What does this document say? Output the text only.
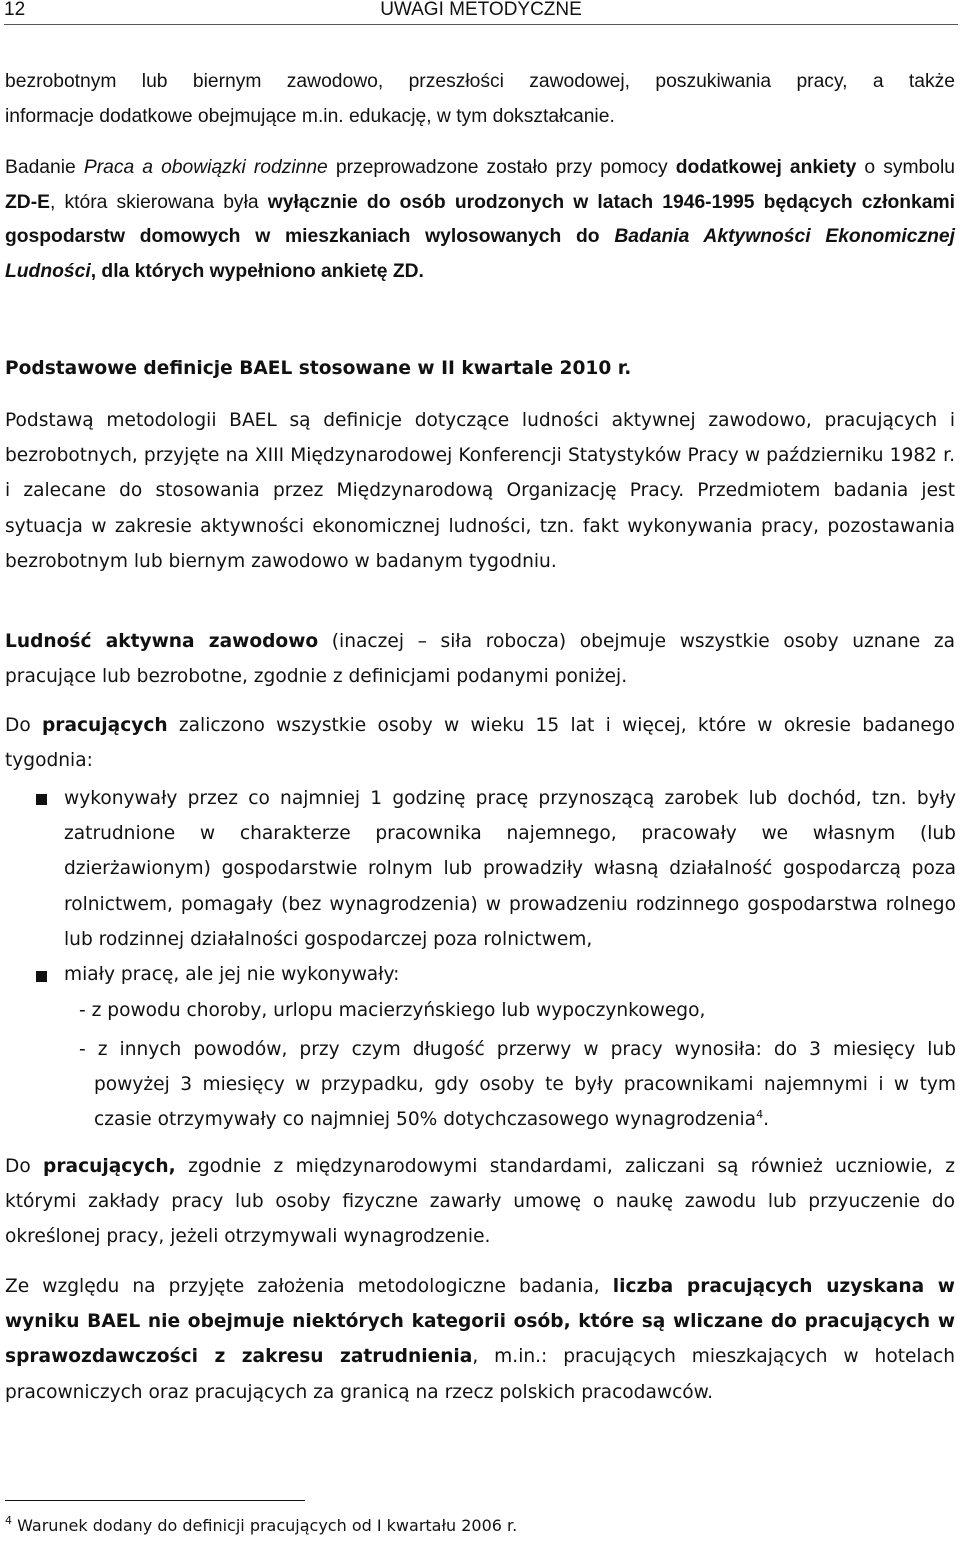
12	UWAGI METODYCZNE
bezrobotnym lub biernym zawodowo, przeszłości zawodowej, poszukiwania pracy, a także
informacje dodatkowe obejmujące m.in. edukację, w tym dokształcanie.

Badanie Praca a obowiązki rodzinne przeprowadzone zostało przy pomocy dodatkowej ankiety o symbolu ZD-E, która skierowana była wyłącznie do osób urodzonych w latach 1946-1995 będących członkami gospodarstw domowych w mieszkaniach wylosowanych do Badania Aktywności Ekonomicznej Ludności, dla których wypełniono ankietę ZD.

Podstawowe definicje BAEL stosowane w II kwartale 2010 r.

Podstawą metodologii BAEL są definicje dotyczące ludności aktywnej zawodowo, pracujących i bezrobotnych, przyjęte na XIII Międzynarodowej Konferencji Statystyków Pracy w październiku 1982 r. i zalecane do stosowania przez Międzynarodową Organizację Pracy. Przedmiotem badania jest sytuacja w zakresie aktywności ekonomicznej ludności, tzn. fakt wykonywania pracy, pozostawania bezrobotnym lub biernym zawodowo w badanym tygodniu.

Ludność aktywna zawodowo (inaczej – siła robocza) obejmuje wszystkie osoby uznane za pracujące lub bezrobotne, zgodnie z definicjami podanymi poniżej.

Do pracujących zaliczono wszystkie osoby w wieku 15 lat i więcej, które w okresie badanego tygodnia:

wykonywały przez co najmniej 1 godzinę pracę przynoszącą zarobek lub dochód, tzn. były zatrudnione w charakterze pracownika najemnego, pracowały we własnym (lub dzierżawionym) gospodarstwie rolnym lub prowadziły własną działalność gospodarczą poza rolnictwem, pomagały (bez wynagrodzenia) w prowadzeniu rodzinnego gospodarstwa rolnego lub rodzinnej działalności gospodarczej poza rolnictwem,

miały pracę, ale jej nie wykonywały:

- z powodu choroby, urlopu macierzyńskiego lub wypoczynkowego,

- z innych powodów, przy czym długość przerwy w pracy wynosiła: do 3 miesięcy lub
powyżej 3 miesięcy w przypadku, gdy osoby te były pracownikami najemnymi i w tym
czasie otrzymywały co najmniej 50% dotychczasowego wynagrodzenia$^4$.

Do pracujących, zgodnie z międzynarodowymi standardami, zaliczani są również uczniowie, z którymi zakłady pracy lub osoby fizyczne zawarły umowę o naukę zawodu lub przyuczenie do określonej pracy, jeżeli otrzymywali wynagrodzenie.

Ze względu na przyjęte założenia metodologiczne badania, liczba pracujących uzyskana w wyniku BAEL nie obejmuje niektórych kategorii osób, które są wliczane do pracujących w sprawozdawczości z zakresu zatrudnienia, m.in.: pracujących mieszkających w hotelach pracowniczych oraz pracujących za granicą na rzecz polskich pracodawców.

$^4$ Warunek dodany do definicji pracujących od I kwartału 2006 r.
